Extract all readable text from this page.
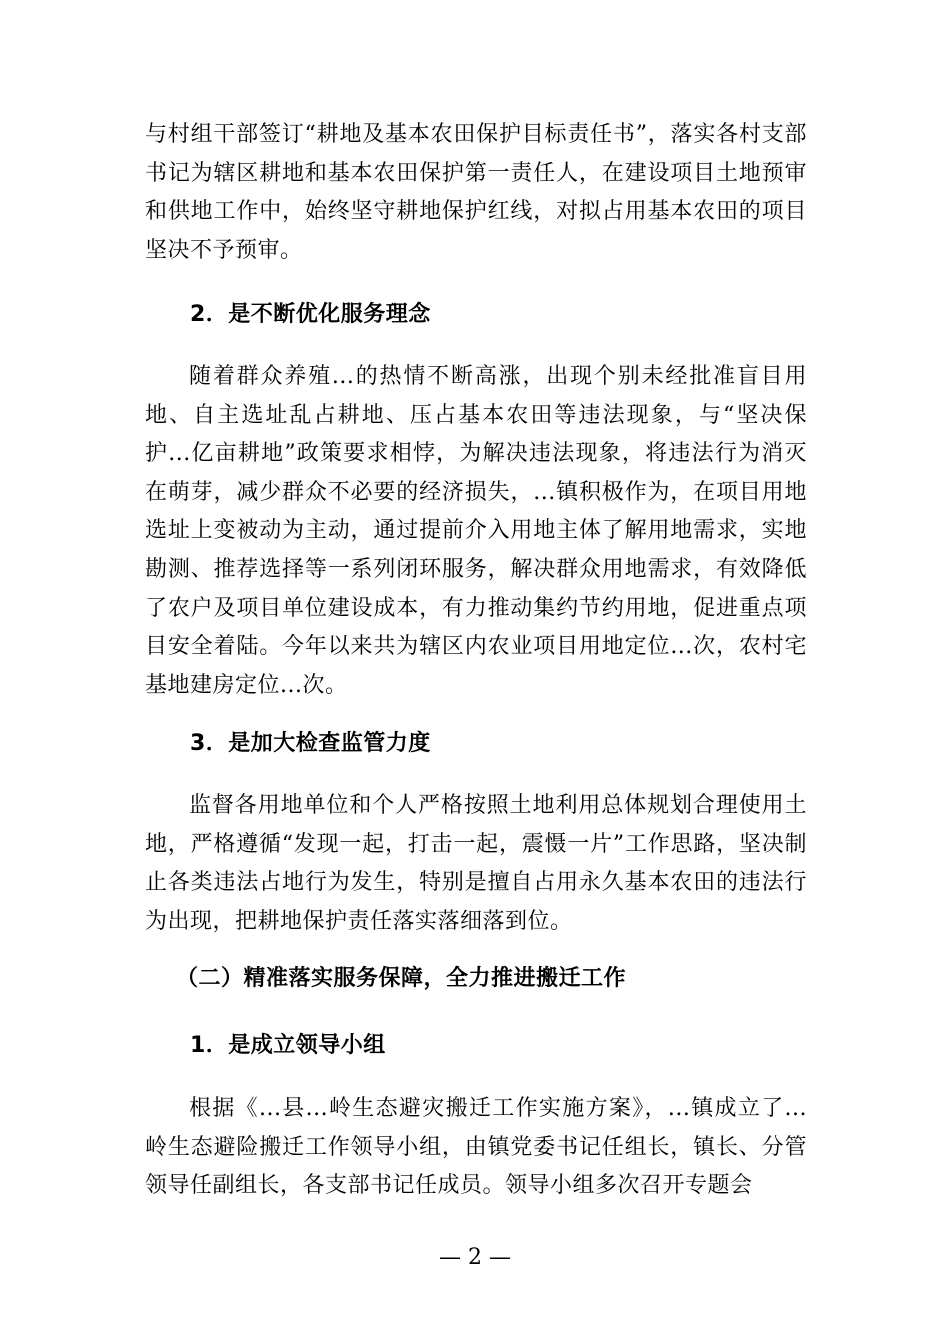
与村组干部签订“耕地及基本农田保护目标责任书”，落实各村支部书记为辖区耕地和基本农田保护第一责任人，在建设项目土地预审和供地工作中，始终坚守耕地保护红线，对拟占用基本农田的项目坚决不予预审。

2．是不断优化服务理念

随着群众养殖...的热情不断高涨，出现个别未经批准盲目用地、自主选址乱占耕地、压占基本农田等违法现象，与“坚决保护...亿亩耕地”政策要求相悖，为解决违法现象，将违法行为消灭在萌芽，减少群众不必要的经济损失，...镇积极作为，在项目用地选址上变被动为主动，通过提前介入用地主体了解用地需求，实地勘测、推荐选择等一系列闭环服务，解决群众用地需求，有效降低了农户及项目单位建设成本，有力推动集约节约用地，促进重点项目安全着陆。今年以来共为辖区内农业项目用地定位...次，农村宅基地建房定位...次。

3．是加大检查监管力度

监督各用地单位和个人严格按照土地利用总体规划合理使用土地，严格遵循“发现一起，打击一起，震慑一片”工作思路，坚决制止各类违法占地行为发生，特别是擅自占用永久基本农田的违法行为出现，把耕地保护责任落实落细落到位。

（二）精准落实服务保障，全力推进搬迁工作
1．是成立领导小组

根据《...县...岭生态避灾搬迁工作实施方案》，...镇成立了...岭生态避险搬迁工作领导小组，由镇党委书记任组长，镇长、分管领导任副组长，各支部书记任成员。领导小组多次召开专题会

— 2 —
